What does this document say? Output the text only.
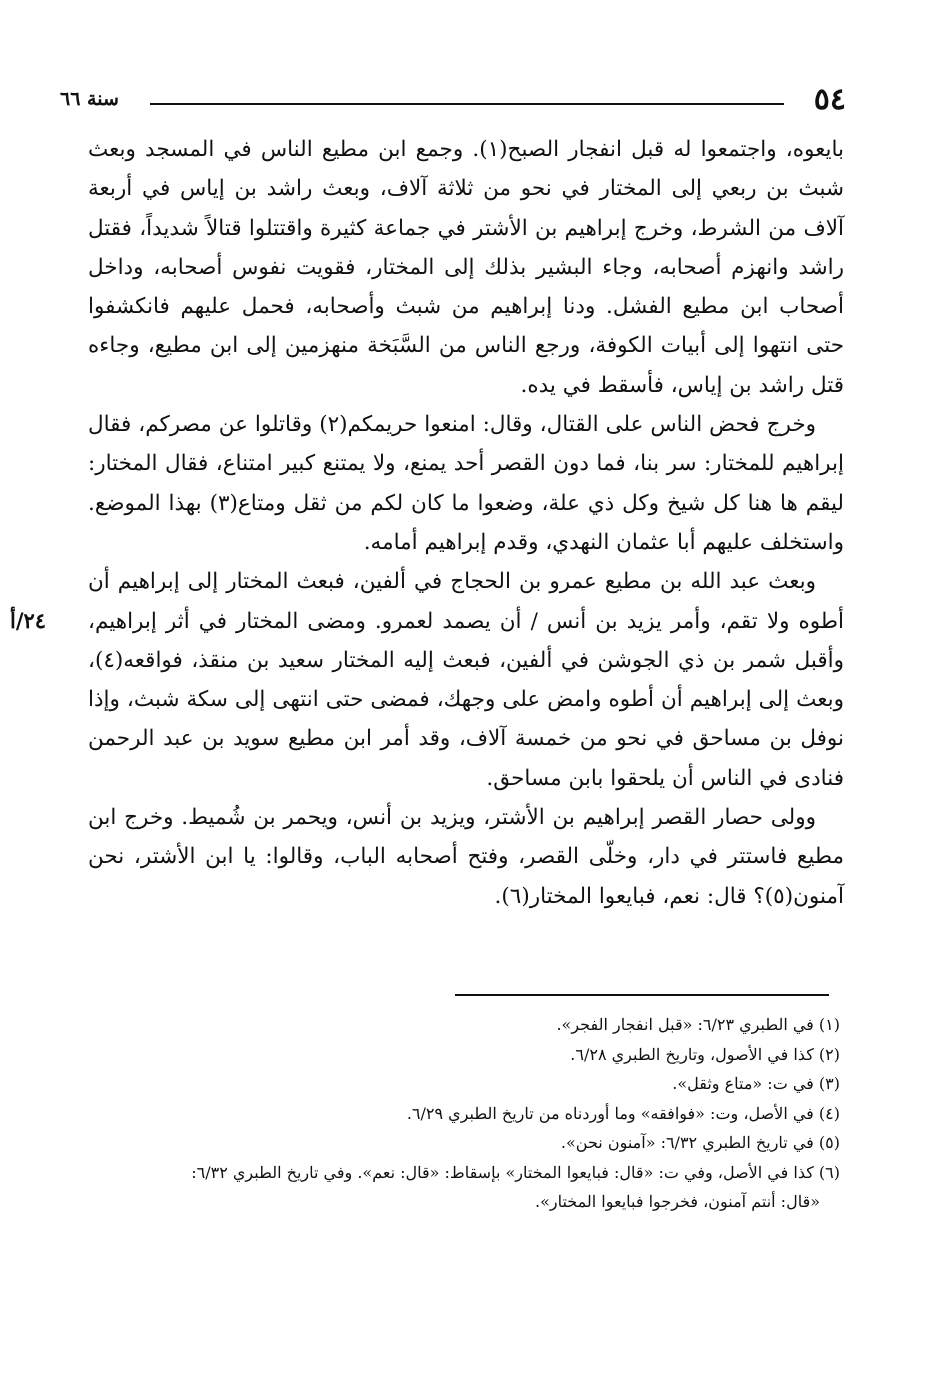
٥٤
سنة ٦٦

بايعوه، واجتمعوا له قبل انفجار الصبح(١). وجمع ابن مطيع الناس في المسجد وبعث شبث بن ربعي إلى المختار في نحو من ثلاثة آلاف، وبعث راشد بن إياس في أربعة آلاف من الشرط، وخرج إبراهيم بن الأشتر في جماعة كثيرة واقتتلوا قتالاً شديداً، فقتل راشد وانهزم أصحابه، وجاء البشير بذلك إلى المختار، فقويت نفوس أصحابه، وداخل أصحاب ابن مطيع الفشل. ودنا إبراهيم من شبث وأصحابه، فحمل عليهم فانكشفوا حتى انتهوا إلى أبيات الكوفة، ورجع الناس من السَّبَخة منهزمين إلى ابن مطيع، وجاءه قتل راشد بن إياس، فأسقط في يده.

وخرج فحض الناس على القتال، وقال: امنعوا حريمكم(٢) وقاتلوا عن مصركم، فقال إبراهيم للمختار: سر بنا، فما دون القصر أحد يمنع، ولا يمتنع كبير امتناع، فقال المختار: ليقم ها هنا كل شيخ وكل ذي علة، وضعوا ما كان لكم من ثقل ومتاع(٣) بهذا الموضع. واستخلف عليهم أبا عثمان النهدي، وقدم إبراهيم أمامه.

٢٤/أ

وبعث عبد الله بن مطيع عمرو بن الحجاج في ألفين، فبعث المختار إلى إبراهيم أن أطوه ولا تقم، وأمر يزيد بن أنس / أن يصمد لعمرو. ومضى المختار في أثر إبراهيم، وأقبل شمر بن ذي الجوشن في ألفين، فبعث إليه المختار سعيد بن منقذ، فواقعه(٤)، وبعث إلى إبراهيم أن أطوه وامض على وجهك، فمضى حتى انتهى إلى سكة شبث، وإذا نوفل بن مساحق في نحو من خمسة آلاف، وقد أمر ابن مطيع سويد بن عبد الرحمن فنادى في الناس أن يلحقوا بابن مساحق.

وولى حصار القصر إبراهيم بن الأشتر، ويزيد بن أنس، ويحمر بن شُميط. وخرج ابن مطيع فاستتر في دار، وخلّى القصر، وفتح أصحابه الباب، وقالوا: يا ابن الأشتر، نحن آمنون(٥)؟ قال: نعم، فبايعوا المختار(٦).

(١) في الطبري ٦/٢٣: «قبل انفجار الفجر».

(٢) كذا في الأصول، وتاريخ الطبري ٦/٢٨.

(٣) في ت: «متاع وثقل».

(٤) في الأصل، وت: «فوافقه» وما أوردناه من تاريخ الطبري ٦/٢٩.

(٥) في تاريخ الطبري ٦/٣٢: «آمنون نحن».

(٦) كذا في الأصل، وفي ت: «قال: فبايعوا المختار» بإسقاط: «قال: نعم». وفي تاريخ الطبري ٦/٣٢:

«قال: أنتم آمنون، فخرجوا فبايعوا المختار».
